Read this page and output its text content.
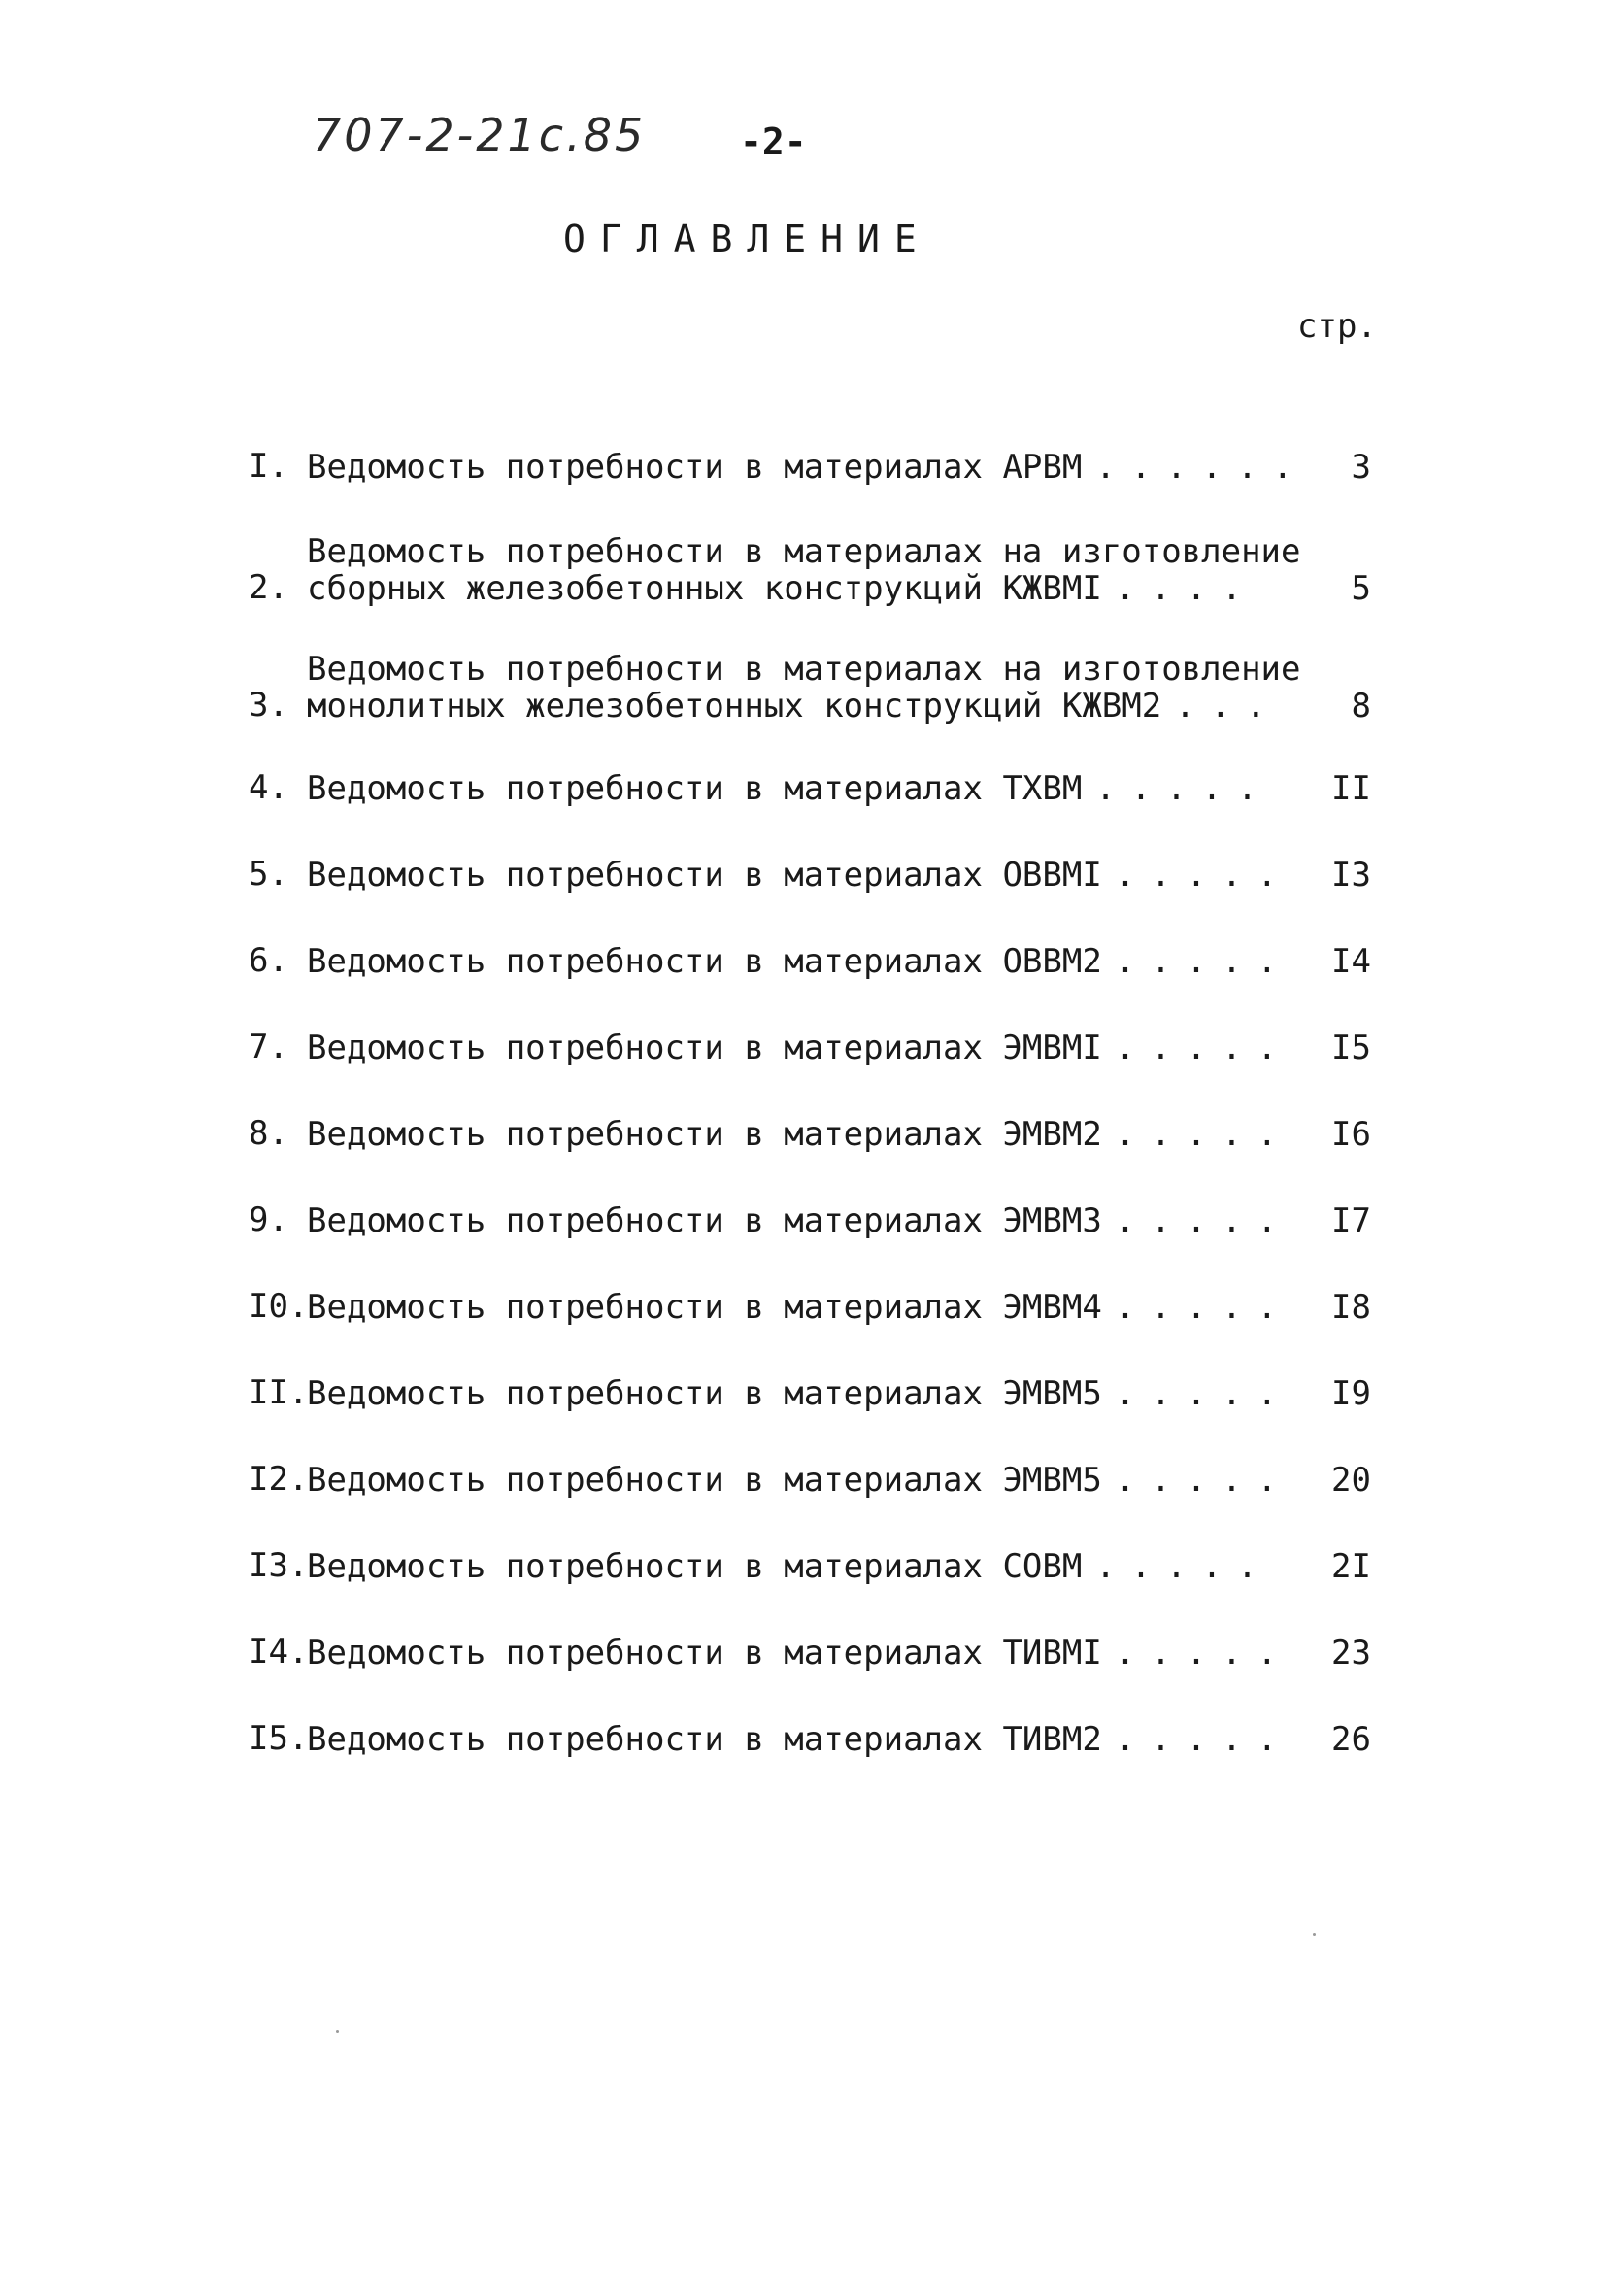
707-2-21с.85	-2-
ОГЛАВЛЕНИЕ
стр.
I. Ведомость потребности в материалах АРВМ ......	3
2.
Ведомость потребности в материалах на изготовление
сборных железобетонных конструкций КЖВМI ....	5
3.
Ведомость потребности в материалах на изготовление
монолитных железобетонных конструкций КЖВМ2 ...	8
4. Ведомость потребности в материалах ТХВМ .....	II
5. Ведомость потребности в материалах ОВВМI .....	I3
6. Ведомость потребности в материалах ОВВМ2 .....	I4
7. Ведомость потребности в материалах ЭМВМI .....	I5
8. Ведомость потребности в материалах ЭМВМ2 .....	I6
9. Ведомость потребности в материалах ЭМВМ3 .....	I7
I0.
Ведомость потребности в материалах ЭМВМ4 .....	I8
II.
Ведомость потребности в материалах ЭМВМ5 .....	I9
I2.
Ведомость потребности в материалах ЭМВМ5 .....	20
I3.
Ведомость потребности в материалах СОВМ .....	2I
I4.
Ведомость потребности в материалах ТИВМI .....	23
I5.
Ведомость потребности в материалах ТИВМ2 .....	26
